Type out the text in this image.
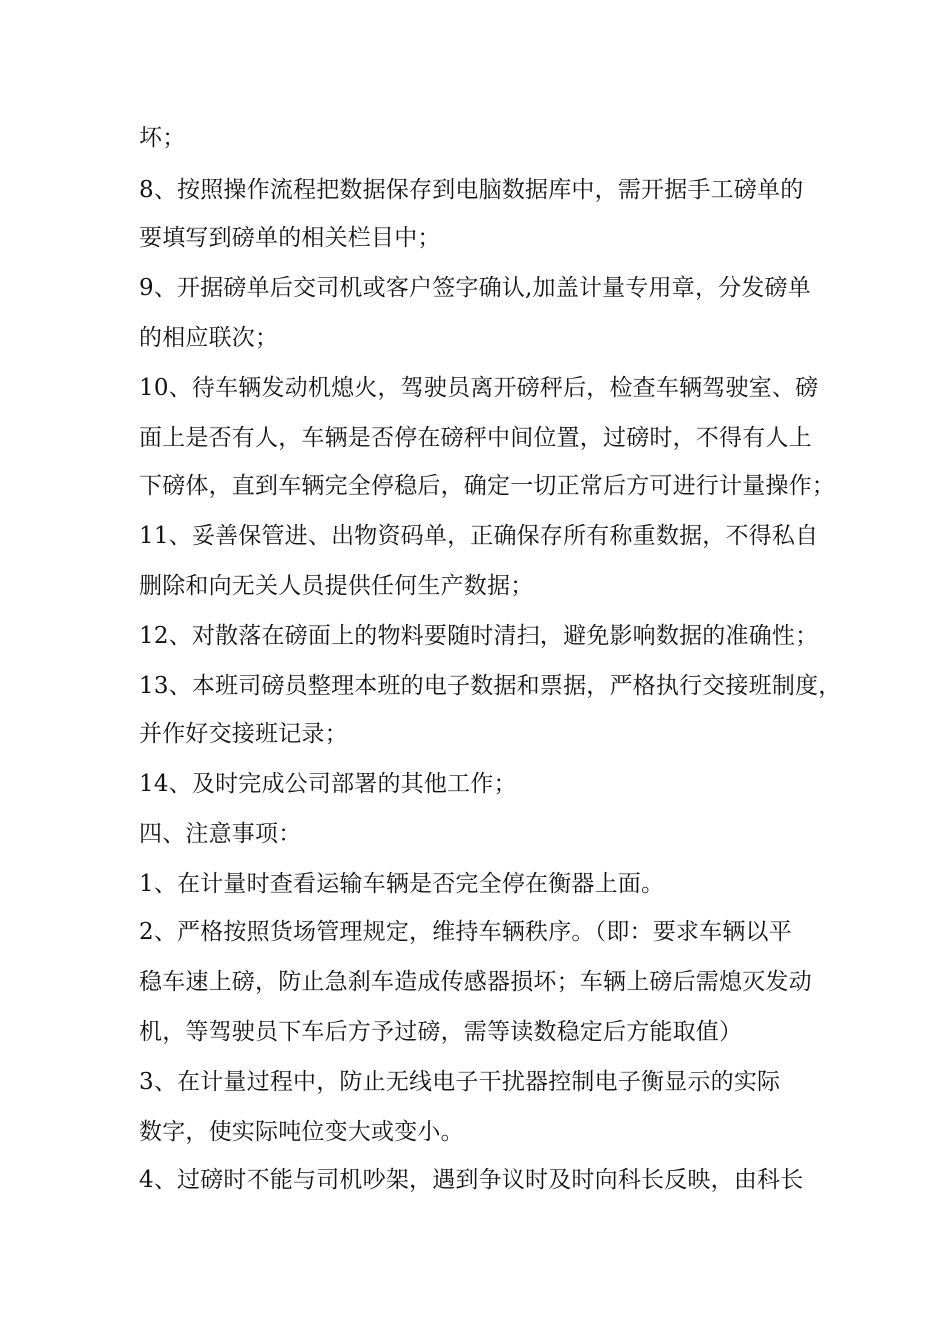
坏；
8、按照操作流程把数据保存到电脑数据库中，需开据手工磅单的
要填写到磅单的相关栏目中；
9、开据磅单后交司机或客户签字确认,加盖计量专用章，分发磅单
的相应联次；
10、待车辆发动机熄火，驾驶员离开磅秤后，检查车辆驾驶室、磅
面上是否有人，车辆是否停在磅秤中间位置，过磅时，不得有人上
下磅体，直到车辆完全停稳后，确定一切正常后方可进行计量操作；
11、妥善保管进、出物资码单，正确保存所有称重数据，不得私自
删除和向无关人员提供任何生产数据；
12、对散落在磅面上的物料要随时清扫，避免影响数据的准确性；
13、本班司磅员整理本班的电子数据和票据，严格执行交接班制度，
并作好交接班记录；
14、及时完成公司部署的其他工作；
四、注意事项：
1、在计量时查看运输车辆是否完全停在衡器上面。
2、严格按照货场管理规定，维持车辆秩序。（即：要求车辆以平
稳车速上磅，防止急刹车造成传感器损坏；车辆上磅后需熄灭发动
机，等驾驶员下车后方予过磅，需等读数稳定后方能取值）
3、在计量过程中，防止无线电子干扰器控制电子衡显示的实际
数字，使实际吨位变大或变小。
4、过磅时不能与司机吵架，遇到争议时及时向科长反映，由科长
